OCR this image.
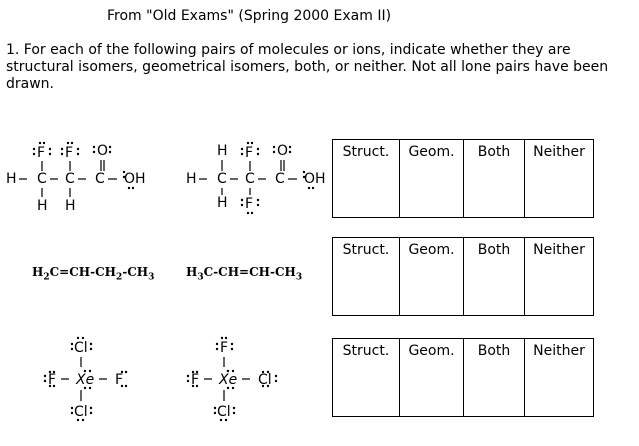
From "Old Exams" (Spring 2000 Exam II)
1. For each of the following pairs of molecules or ions, indicate whether they are structural isomers, geometrical isomers, both, or neither. Not all lone pairs have been drawn.
F F O
H C C C OH
H H
H F O
H C C C OH
H F
$H_2C=CH-CH_2-CH_3$	$H_3C-CH=CH-CH_3$
Cl
F Xe F
Cl
F
F Xe Cl
Cl
Struct.	Geom.	Both	Neither
Struct.	Geom.	Both	Neither
Struct.	Geom.	Both	Neither
